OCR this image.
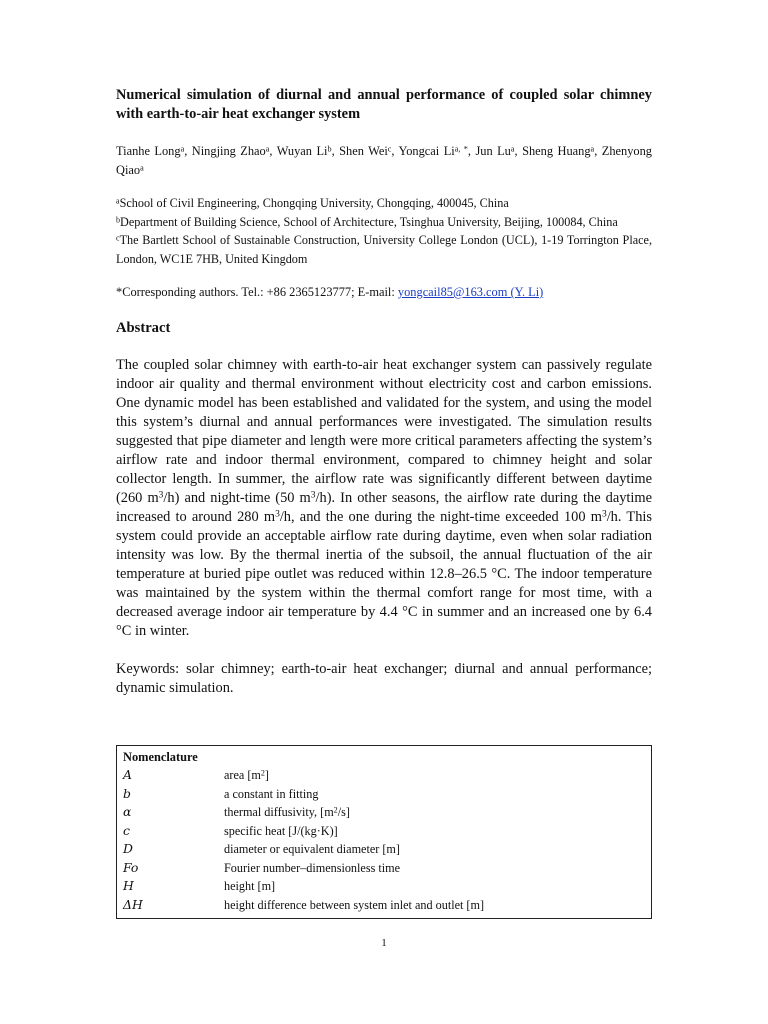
Numerical simulation of diurnal and annual performance of coupled solar chimney with earth-to-air heat exchanger system

Tianhe Long$^a$, Ningjing Zhao$^a$, Wuyan Li$^b$, Shen Wei$^c$, Yongcai $Li^{a, *}$, Jun Lu$^a$, Sheng Huang$^a$, Zhenyong Qiao$^a$

$^a$School of Civil Engineering, Chongqing University, Chongqing, 400045, China

$^b$Department of Building Science, School of Architecture, Tsinghua University, Beijing, 100084, China

$^c$The Bartlett School of Sustainable Construction, University College London (UCL), 1-19 Torrington Place, London, WC1E 7HB, United Kingdom

*Corresponding authors. Tel.: +86 2365123777; E-mail: yongcail85@163.com (Y. Li)

Abstract

The coupled solar chimney with earth-to-air heat exchanger system can passively regulate indoor air quality and thermal environment without electricity cost and carbon emissions. One dynamic model has been established and validated for the system, and using the model this system’s diurnal and annual performances were investigated. The simulation results suggested that pipe diameter and length were more critical parameters affecting the system’s airflow rate and indoor thermal environment, compared to chimney height and solar collector length. In summer, the airflow rate was significantly different between daytime (260 $m^3/h$) and night-time (50 $m^3/h$). In other seasons, the airflow rate during the daytime increased to around 280 $m^3/h$, and the one during the night-time exceeded 100 $m^3/h$. This system could provide an acceptable airflow rate during daytime, even when solar radiation intensity was low. By the thermal inertia of the subsoil, the annual fluctuation of the air temperature at buried pipe outlet was reduced within 12.8–26.5 °C. The indoor temperature was maintained by the system within the thermal comfort range for most time, with a decreased average indoor air temperature by 4.4 °C in summer and an increased one by 6.4 °C in winter.

Keywords: solar chimney; earth-to-air heat exchanger; diurnal and annual performance; dynamic simulation.

Nomenclature
A	area $[m^2]$
b	a constant in fitting
α	thermal diffusivity, $[m^2/s]$
c	specific heat [J/(kg·K)]
D	diameter or equivalent diameter [m]
Fo	Fourier number–dimensionless time
H	height [m]
ΔH	height difference between system inlet and outlet [m]
1
